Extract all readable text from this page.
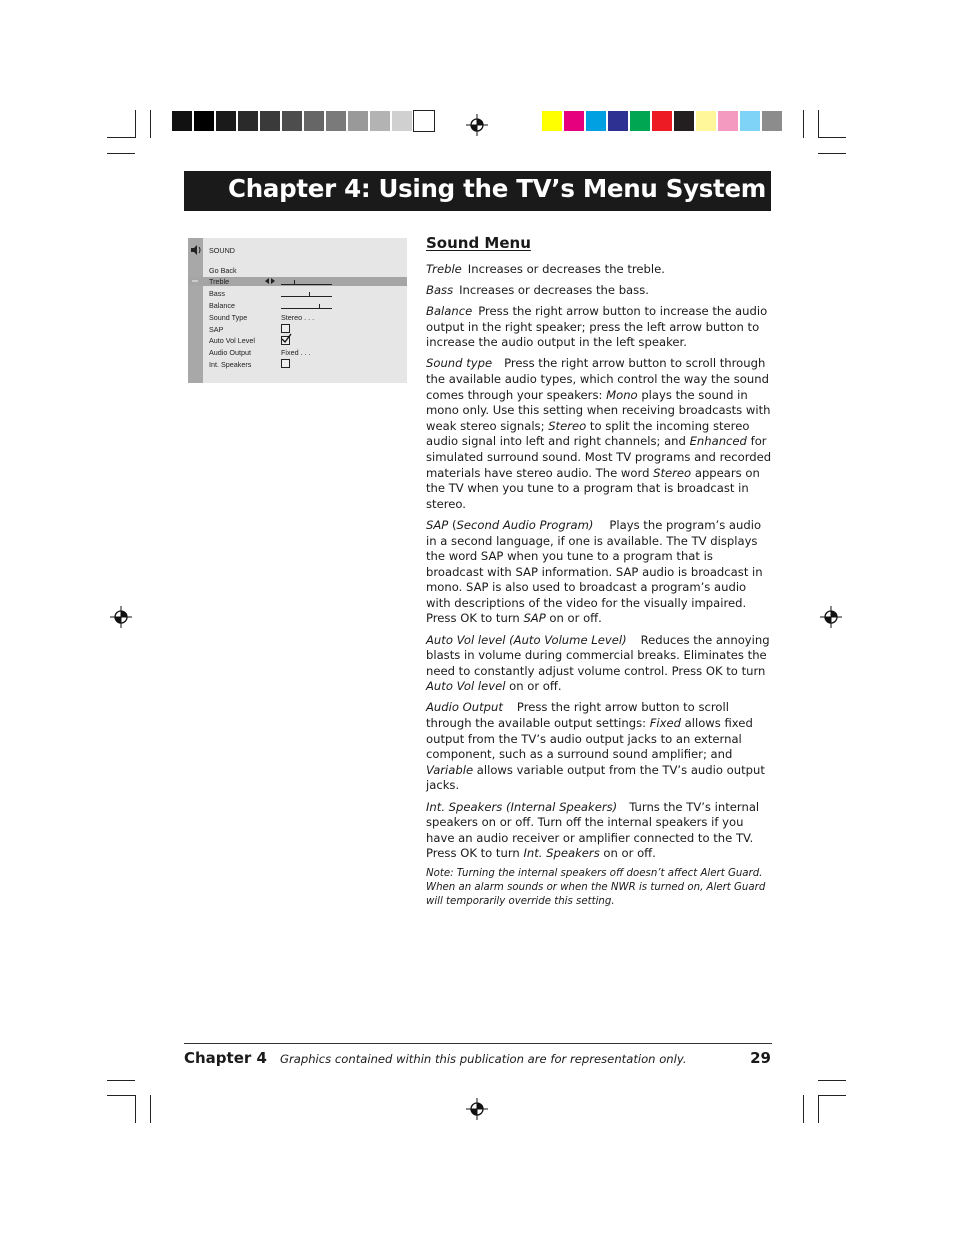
Chapter 4: Using the TV’s Menu System
SOUND
Go Back
Treble
Bass
Balance
Sound Type	Stereo . . .
SAP
Auto Vol Level
Audio Output	Fixed . . .
Int. Speakers
Sound Menu

Treble Increases or decreases the treble.

Bass Increases or decreases the bass.

Balance Press the right arrow button to increase the audio output in the right speaker; press the left arrow button to increase the audio output in the left speaker.

Sound type Press the right arrow button to scroll through the available audio types, which control the way the sound comes through your speakers: Mono plays the sound in mono only. Use this setting when receiving broadcasts with weak stereo signals; Stereo to split the incoming stereo audio signal into left and right channels; and Enhanced for simulated surround sound. Most TV programs and recorded materials have stereo audio. The word Stereo appears on the TV when you tune to a program that is broadcast in stereo.

SAP (Second Audio Program) Plays the program’s audio in a second language, if one is available. The TV displays the word SAP when you tune to a program that is broadcast with SAP information. SAP audio is broadcast in mono. SAP is also used to broadcast a program’s audio with descriptions of the video for the visually impaired. Press OK to turn SAP on or off.

Auto Vol level (Auto Volume Level) Reduces the annoying blasts in volume during commercial breaks. Eliminates the need to constantly adjust volume control. Press OK to turn Auto Vol level on or off.

Audio Output Press the right arrow button to scroll through the available output settings: Fixed allows fixed output from the TV’s audio output jacks to an external component, such as a surround sound amplifier; and Variable allows variable output from the TV’s audio output jacks.

Int. Speakers (Internal Speakers) Turns the TV’s internal speakers on or off. Turn off the internal speakers if you have an audio receiver or amplifier connected to the TV. Press OK to turn Int. Speakers on or off.

Note: Turning the internal speakers off doesn’t affect Alert Guard. When an alarm sounds or when the NWR is turned on, Alert Guard will temporarily override this setting.

Chapter 4 Graphics contained within this publication are for representation only.	29
